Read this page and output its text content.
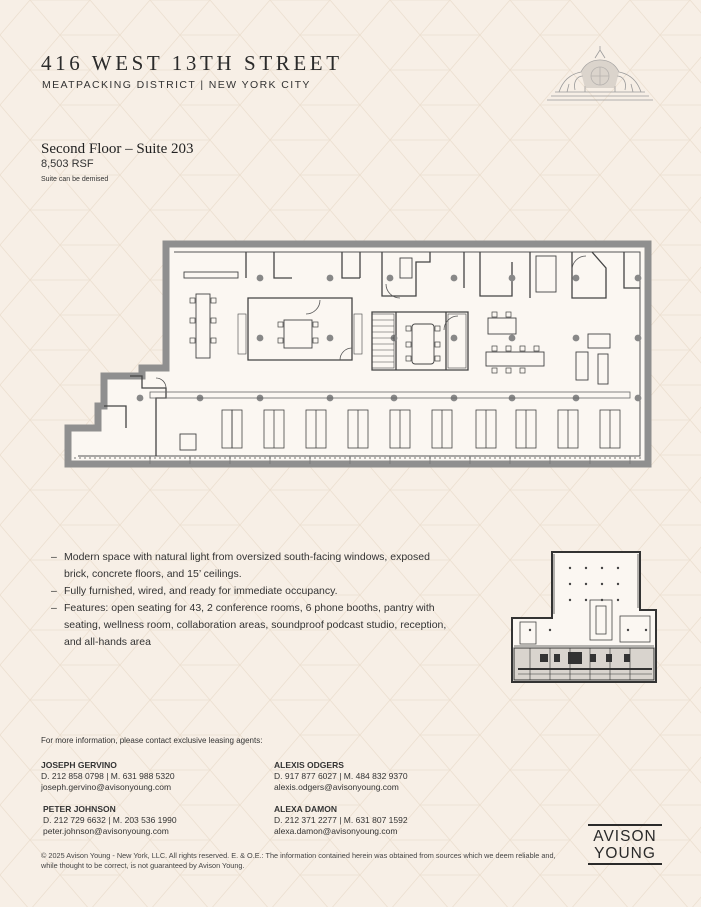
416 WEST 13TH STREET
MEATPACKING DISTRICT | NEW YORK CITY
Second Floor – Suite 203
8,503 RSF
Suite can be demised
– Modern space with natural light from oversized south-facing windows, exposed brick, concrete floors, and 15’ ceilings.
– Fully furnished, wired, and ready for immediate occupancy.
– Features: open seating for 43, 2 conference rooms, 6 phone booths, pantry with seating, wellness room, collaboration areas, soundproof podcast studio, reception, and all-hands area
For more information, please contact exclusive leasing agents:
JOSEPH GERVINO
D. 212 858 0798 | M. 631 988 5320
joseph.gervino@avisonyoung.com
ALEXIS ODGERS
D. 917 877 6027 | M. 484 832 9370
alexis.odgers@avisonyoung.com
PETER JOHNSON
D. 212 729 6632 | M. 203 536 1990
peter.johnson@avisonyoung.com
ALEXA DAMON
D. 212 371 2277 | M. 631 807 1592
alexa.damon@avisonyoung.com
© 2025 Avison Young - New York, LLC. All rights reserved. E. & O.E.: The information contained herein was obtained from sources which we deem reliable and, while thought to be correct, is not guaranteed by Avison Young.
AVISON
YOUNG
